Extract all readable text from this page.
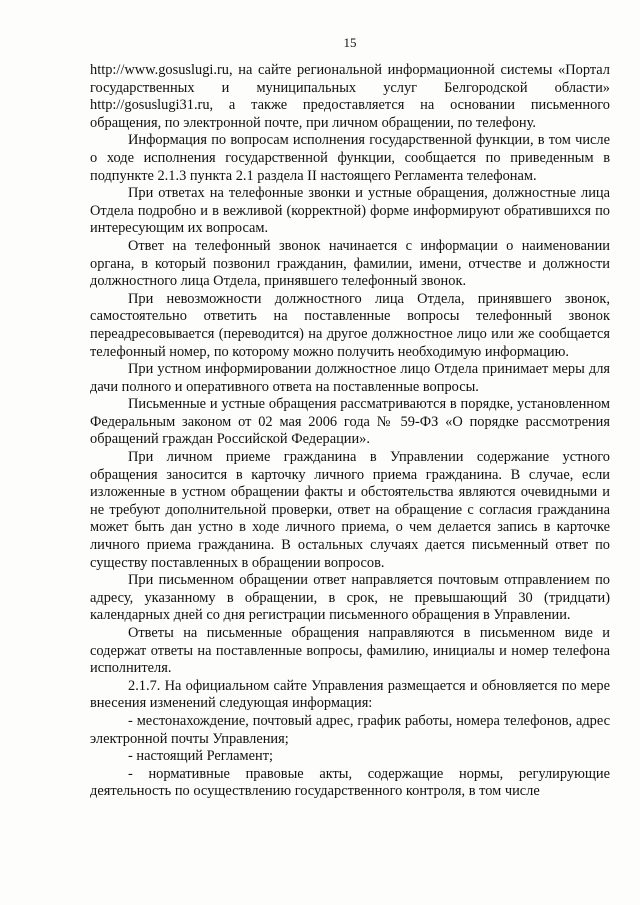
15

http://www.gosuslugi.ru, на сайте региональной информационной системы «Портал государственных и муниципальных услуг Белгородской области» http://gosuslugi31.ru, а также предоставляется на основании письменного обращения, по электронной почте, при личном обращении, по телефону.

Информация по вопросам исполнения государственной функции, в том числе о ходе исполнения государственной функции, сообщается по приведенным в подпункте 2.1.3 пункта 2.1 раздела II настоящего Регламента телефонам.

При ответах на телефонные звонки и устные обращения, должностные лица Отдела подробно и в вежливой (корректной) форме информируют обратившихся по интересующим их вопросам.

Ответ на телефонный звонок начинается с информации о наименовании органа, в который позвонил гражданин, фамилии, имени, отчестве и должности должностного лица Отдела, принявшего телефонный звонок.

При невозможности должностного лица Отдела, принявшего звонок, самостоятельно ответить на поставленные вопросы телефонный звонок переадресовывается (переводится) на другое должностное лицо или же сообщается телефонный номер, по которому можно получить необходимую информацию.

При устном информировании должностное лицо Отдела принимает меры для дачи полного и оперативного ответа на поставленные вопросы.

Письменные и устные обращения рассматриваются в порядке, установленном Федеральным законом от 02 мая 2006 года № 59-ФЗ «О порядке рассмотрения обращений граждан Российской Федерации».

При личном приеме гражданина в Управлении содержание устного обращения заносится в карточку личного приема гражданина. В случае, если изложенные в устном обращении факты и обстоятельства являются очевидными и не требуют дополнительной проверки, ответ на обращение с согласия гражданина может быть дан устно в ходе личного приема, о чем делается запись в карточке личного приема гражданина. В остальных случаях дается письменный ответ по существу поставленных в обращении вопросов.

При письменном обращении ответ направляется почтовым отправлением по адресу, указанному в обращении, в срок, не превышающий 30 (тридцати) календарных дней со дня регистрации письменного обращения в Управлении.

Ответы на письменные обращения направляются в письменном виде и содержат ответы на поставленные вопросы, фамилию, инициалы и номер телефона исполнителя.

2.1.7. На официальном сайте Управления размещается и обновляется по мере внесения изменений следующая информация:

- местонахождение, почтовый адрес, график работы, номера телефонов, адрес электронной почты Управления;

- настоящий Регламент;

- нормативные правовые акты, содержащие нормы, регулирующие деятельность по осуществлению государственного контроля, в том числе
